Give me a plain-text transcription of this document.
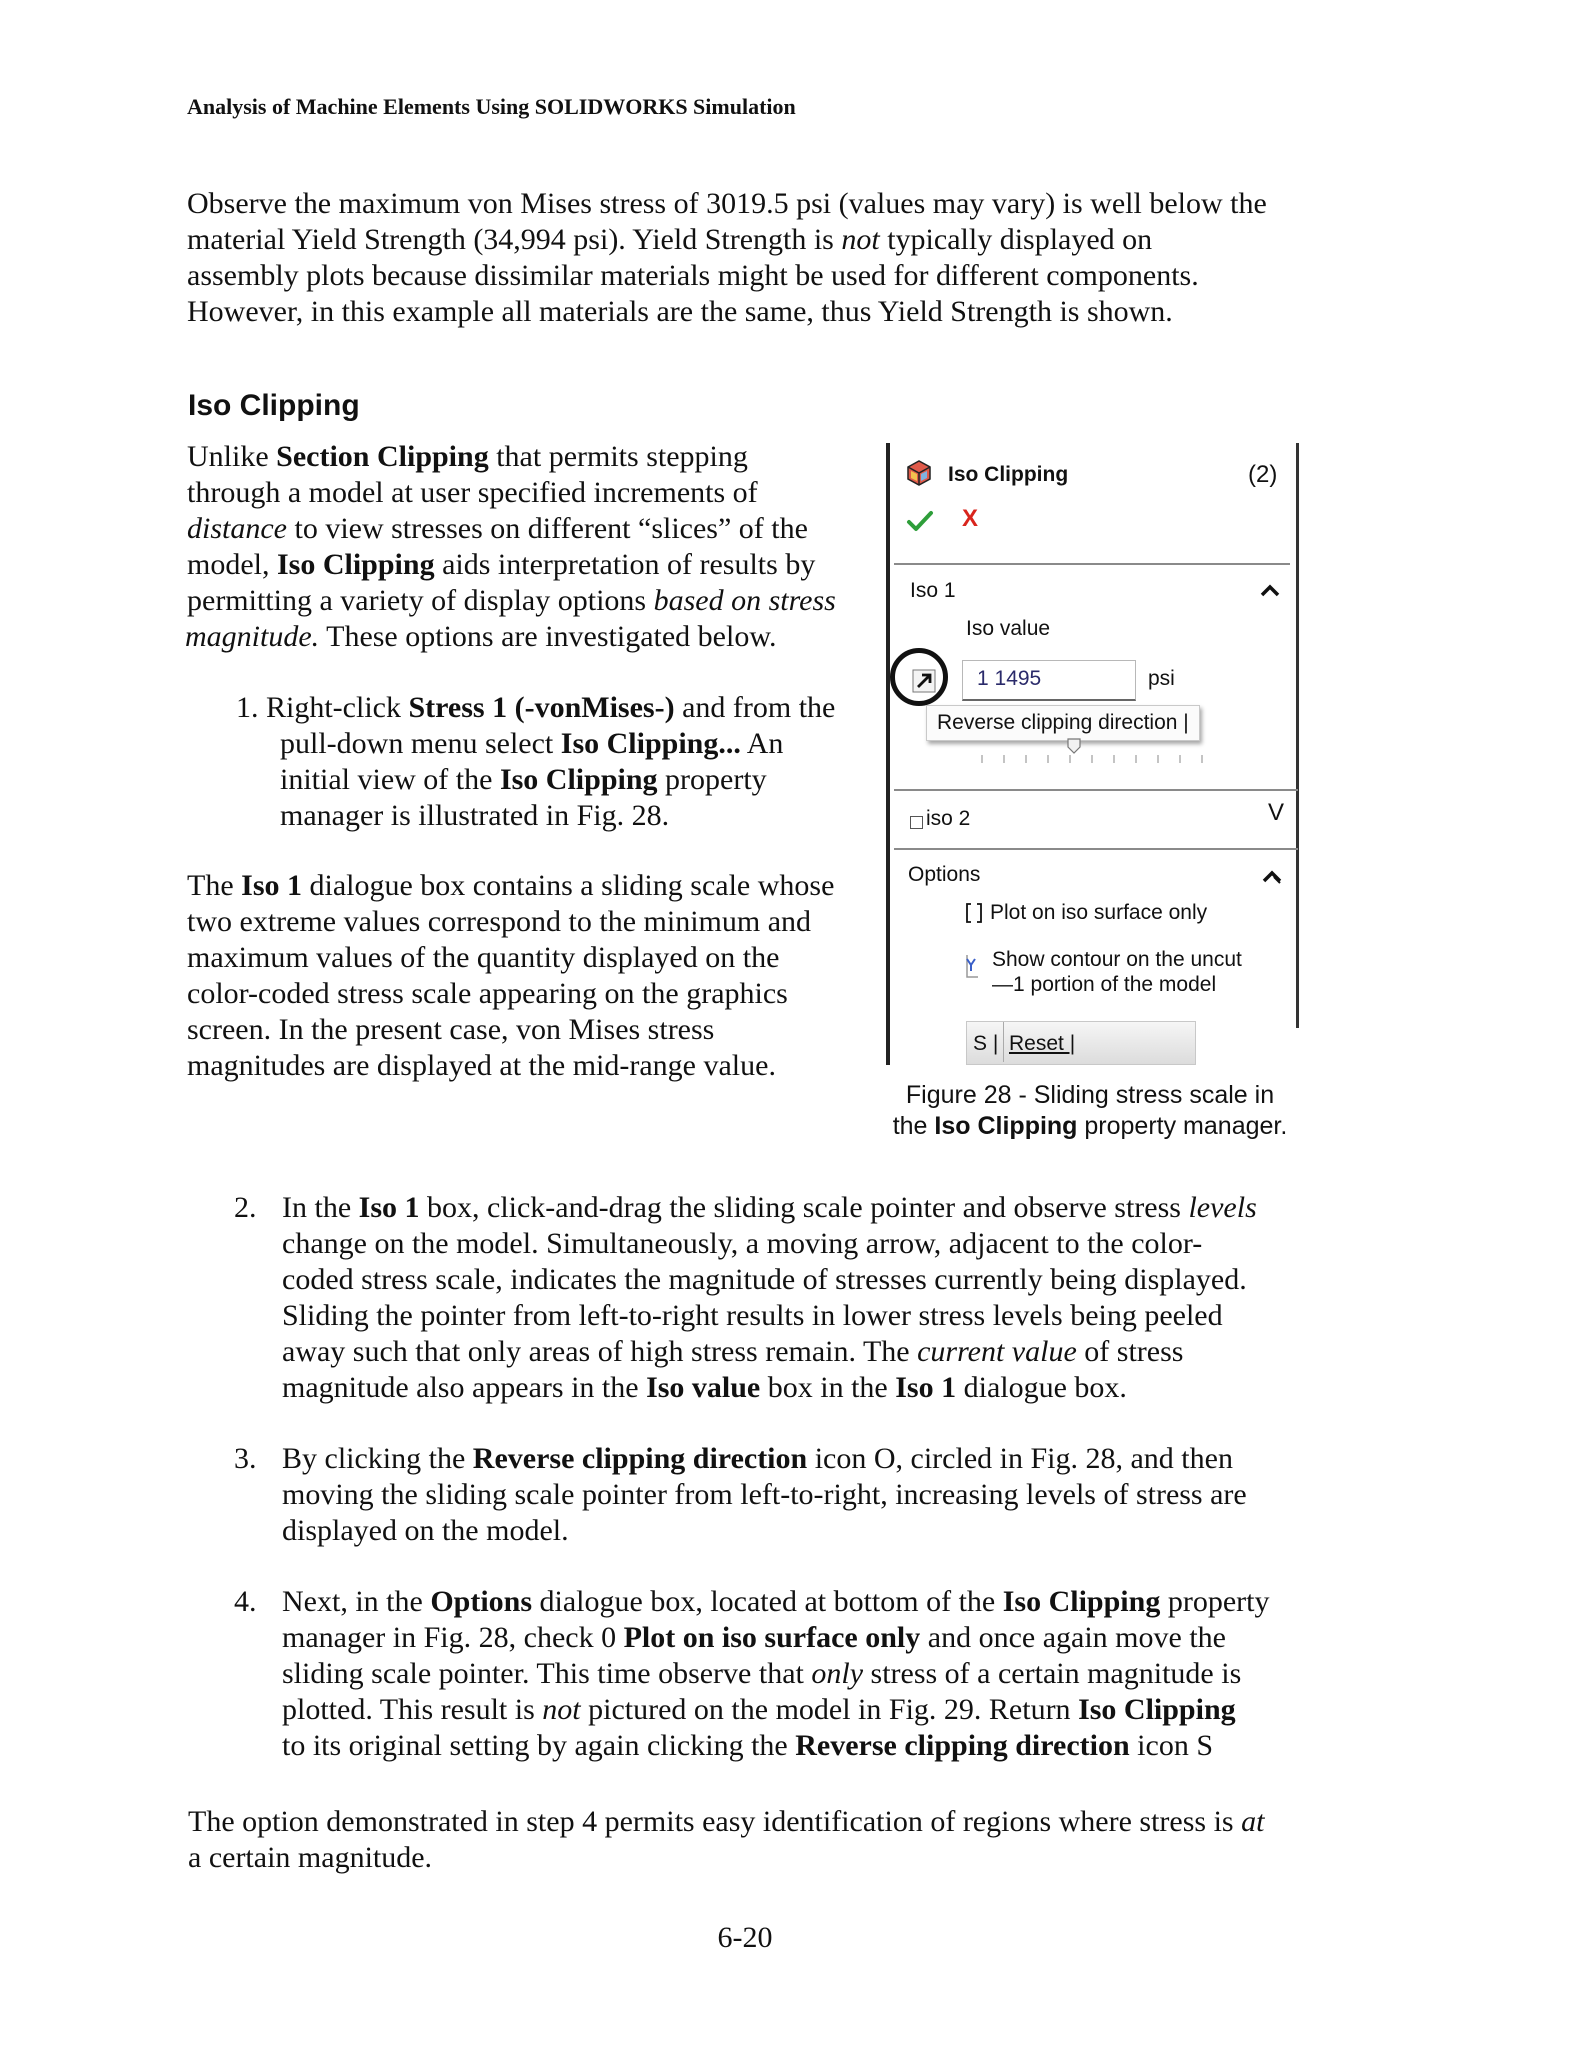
Analysis of Machine Elements Using SOLIDWORKS Simulation

Observe the maximum von Mises stress of 3019.5 psi (values may vary) is well below the
material Yield Strength (34,994 psi). Yield Strength is not typically displayed on
assembly plots because dissimilar materials might be used for different components.
However, in this example all materials are the same, thus Yield Strength is shown.

Iso Clipping

Unlike Section Clipping that permits stepping
through a model at user specified increments of
distance to view stresses on different “slices” of the
model, Iso Clipping aids interpretation of results by
permitting a variety of display options based on stress
magnitude. These options are investigated below.

1. Right-click Stress 1 (-vonMises-) and from the
pull-down menu select Iso Clipping... An
initial view of the Iso Clipping property
manager is illustrated in Fig. 28.

The Iso 1 dialogue box contains a sliding scale whose
two extreme values correspond to the minimum and
maximum values of the quantity displayed on the
color-coded stress scale appearing on the graphics
screen. In the present case, von Mises stress
magnitudes are displayed at the mid-range value.

Iso Clipping	(2)
X
Iso 1
Iso value
1 1495	psi
Reverse clipping direction |
iso 2	V
Options
Plot on iso surface only
Show contour on the uncut
—1 portion of the model
S | Reset |
Figure 28 - Sliding stress scale in
the Iso Clipping property manager.

2. In the Iso 1 box, click-and-drag the sliding scale pointer and observe stress levels
change on the model. Simultaneously, a moving arrow, adjacent to the color-
coded stress scale, indicates the magnitude of stresses currently being displayed.
Sliding the pointer from left-to-right results in lower stress levels being peeled
away such that only areas of high stress remain. The current value of stress
magnitude also appears in the Iso value box in the Iso 1 dialogue box.

3. By clicking the Reverse clipping direction icon O, circled in Fig. 28, and then
moving the sliding scale pointer from left-to-right, increasing levels of stress are
displayed on the model.

4. Next, in the Options dialogue box, located at bottom of the Iso Clipping property
manager in Fig. 28, check 0 Plot on iso surface only and once again move the
sliding scale pointer. This time observe that only stress of a certain magnitude is
plotted. This result is not pictured on the model in Fig. 29. Return Iso Clipping
to its original setting by again clicking the Reverse clipping direction icon S

The option demonstrated in step 4 permits easy identification of regions where stress is at
a certain magnitude.

6-20
